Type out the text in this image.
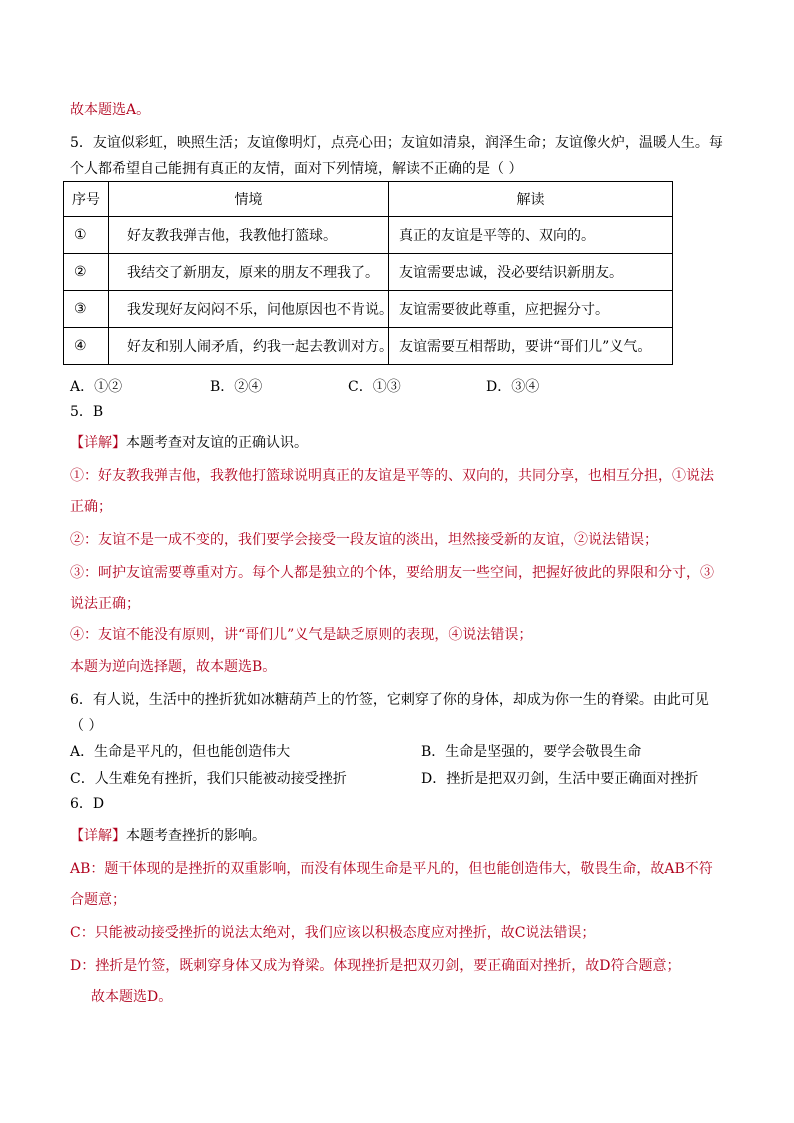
故本题选A。
5．友谊似彩虹，映照生活；友谊像明灯，点亮心田；友谊如清泉，润泽生命；友谊像火炉，温暖人生。每
个人都希望自己能拥有真正的友情，面对下列情境，解读不正确的是（ ）
序号	情境	解读
①	好友教我弹吉他，我教他打篮球。	真正的友谊是平等的、双向的。
②	我结交了新朋友，原来的朋友不理我了。	友谊需要忠诚，没必要结识新朋友。
③	我发现好友闷闷不乐，问他原因也不肯说。	友谊需要彼此尊重，应把握分寸。
④	好友和别人闹矛盾，约我一起去教训对方。	友谊需要互相帮助，要讲“哥们儿”义气。
A．①②	B．②④	C．①③	D．③④
5．B
【详解】本题考查对友谊的正确认识。
①：好友教我弹吉他，我教他打篮球说明真正的友谊是平等的、双向的，共同分享，也相互分担，①说法
正确；
②：友谊不是一成不变的，我们要学会接受一段友谊的淡出，坦然接受新的友谊，②说法错误；
③：呵护友谊需要尊重对方。每个人都是独立的个体，要给朋友一些空间，把握好彼此的界限和分寸，③
说法正确；
④：友谊不能没有原则，讲“哥们儿”义气是缺乏原则的表现，④说法错误；
本题为逆向选择题，故本题选B。
6．有人说，生活中的挫折犹如冰糖葫芦上的竹签，它刺穿了你的身体，却成为你一生的脊梁。由此可见
（ ）
A．生命是平凡的，但也能创造伟大	B．生命是坚强的，要学会敬畏生命
C．人生难免有挫折，我们只能被动接受挫折	D．挫折是把双刃剑，生活中要正确面对挫折
6．D
【详解】本题考查挫折的影响。
AB：题干体现的是挫折的双重影响，而没有体现生命是平凡的，但也能创造伟大，敬畏生命，故AB不符
合题意；
C：只能被动接受挫折的说法太绝对，我们应该以积极态度应对挫折，故C说法错误；
D：挫折是竹签，既刺穿身体又成为脊梁。体现挫折是把双刃剑，要正确面对挫折，故D符合题意；
故本题选D。
